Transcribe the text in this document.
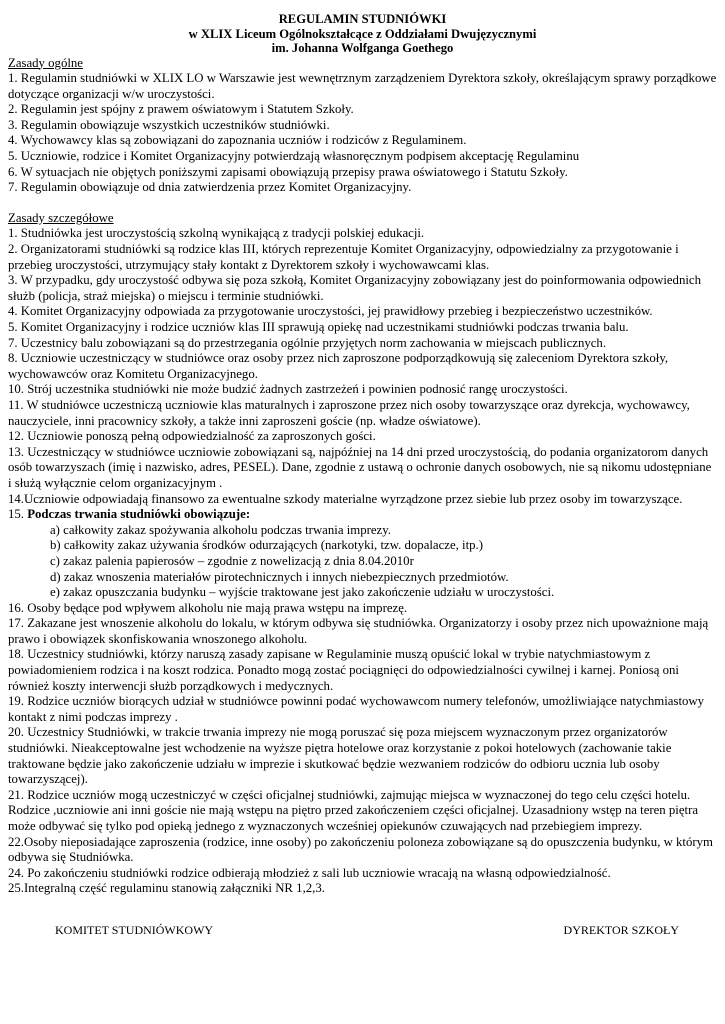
REGULAMIN STUDNIÓWKI
w XLIX Liceum Ogólnokształcące z Oddziałami Dwujęzycznymi
im. Johanna Wolfganga Goethego
Zasady ogólne

1. Regulamin studniówki w XLIX LO w Warszawie jest wewnętrznym zarządzeniem Dyrektora szkoły, określającym sprawy porządkowe dotyczące organizacji w/w uroczystości.

2. Regulamin jest spójny z prawem oświatowym i Statutem Szkoły.

3. Regulamin obowiązuje wszystkich uczestników studniówki.

4. Wychowawcy klas są zobowiązani do zapoznania uczniów i rodziców z Regulaminem.

5. Uczniowie, rodzice i Komitet Organizacyjny potwierdzają własnoręcznym podpisem akceptację Regulaminu

6. W sytuacjach nie objętych poniższymi zapisami obowiązują przepisy prawa oświatowego i Statutu Szkoły.

7. Regulamin obowiązuje od dnia zatwierdzenia przez Komitet Organizacyjny.

Zasady szczegółowe

1. Studniówka jest uroczystością szkolną wynikającą z tradycji polskiej edukacji.

2. Organizatorami studniówki są rodzice klas III, których reprezentuje Komitet Organizacyjny, odpowiedzialny za przygotowanie i przebieg uroczystości, utrzymujący stały kontakt z Dyrektorem szkoły i wychowawcami klas.

3. W przypadku, gdy uroczystość odbywa się poza szkołą, Komitet Organizacyjny zobowiązany jest do poinformowania odpowiednich służb (policja, straż miejska) o miejscu i terminie studniówki.

4. Komitet Organizacyjny odpowiada za przygotowanie uroczystości, jej prawidłowy przebieg i bezpieczeństwo uczestników.

5. Komitet Organizacyjny i rodzice uczniów klas III sprawują opiekę nad uczestnikami studniówki podczas trwania balu.

7. Uczestnicy balu zobowiązani są do przestrzegania ogólnie przyjętych norm zachowania w miejscach publicznych.

8. Uczniowie uczestniczący w studniówce oraz osoby przez nich zaproszone podporządkowują się zaleceniom Dyrektora szkoły, wychowawców oraz Komitetu Organizacyjnego.

10. Strój uczestnika studniówki nie może budzić żadnych zastrzeżeń i powinien podnosić rangę uroczystości.

11. W studniówce uczestniczą uczniowie klas maturalnych i zaproszone przez nich osoby towarzyszące oraz dyrekcja, wychowawcy, nauczyciele, inni pracownicy szkoły, a także inni zaproszeni goście (np. władze oświatowe).

12. Uczniowie ponoszą pełną odpowiedzialność za zaproszonych gości.

13. Uczestniczący w studniówce uczniowie zobowiązani są, najpóźniej na 14 dni przed uroczystością, do podania organizatorom danych osób towarzyszach (imię i nazwisko, adres, PESEL). Dane, zgodnie z ustawą o ochronie danych osobowych, nie są nikomu udostępniane i służą wyłącznie celom organizacyjnym .

14.Uczniowie odpowiadają finansowo za ewentualne szkody materialne wyrządzone przez siebie lub przez osoby im towarzyszące.

15. Podczas trwania studniówki obowiązuje:

a) całkowity zakaz spożywania alkoholu podczas trwania imprezy.
b) całkowity zakaz używania środków odurzających (narkotyki, tzw. dopalacze, itp.)
c) zakaz palenia papierosów – zgodnie z nowelizacją z dnia 8.04.2010r
d) zakaz wnoszenia materiałów pirotechnicznych i innych niebezpiecznych przedmiotów.
e) zakaz opuszczania budynku – wyjście traktowane jest jako zakończenie udziału w uroczystości.

16. Osoby będące pod wpływem alkoholu nie mają prawa wstępu na imprezę.

17. Zakazane jest wnoszenie alkoholu do lokalu, w którym odbywa się studniówka. Organizatorzy i osoby przez nich upoważnione mają prawo i obowiązek skonfiskowania wnoszonego alkoholu.

18. Uczestnicy studniówki, którzy naruszą zasady zapisane w Regulaminie muszą opuścić lokal w trybie natychmiastowym z powiadomieniem rodzica i na koszt rodzica. Ponadto mogą zostać pociągnięci do odpowiedzialności cywilnej i karnej. Poniosą oni również koszty interwencji służb porządkowych i medycznych.

19. Rodzice uczniów biorących udział w studniówce powinni podać wychowawcom numery telefonów, umożliwiające natychmiastowy kontakt z nimi podczas imprezy .

20. Uczestnicy Studniówki, w trakcie trwania imprezy nie mogą poruszać się poza miejscem wyznaczonym przez organizatorów studniówki. Nieakceptowalne jest wchodzenie na wyższe piętra hotelowe oraz korzystanie z pokoi hotelowych (zachowanie takie traktowane będzie jako zakończenie udziału w imprezie i skutkować będzie wezwaniem rodziców do odbioru ucznia lub osoby towarzyszącej).

21. Rodzice uczniów mogą uczestniczyć w części oficjalnej studniówki, zajmując miejsca w wyznaczonej do tego celu części hotelu. Rodzice ,uczniowie ani inni goście nie mają wstępu na piętro przed zakończeniem części oficjalnej. Uzasadniony wstęp na teren piętra może odbywać się tylko pod opieką jednego z wyznaczonych wcześniej opiekunów czuwających nad przebiegiem imprezy.

22.Osoby nieposiadające zaproszenia (rodzice, inne osoby) po zakończeniu poloneza zobowiązane są do opuszczenia budynku, w którym odbywa się Studniówka.

24. Po zakończeniu studniówki rodzice odbierają młodzież z sali lub uczniowie wracają na własną odpowiedzialność.

25.Integralną część regulaminu stanowią załączniki NR 1,2,3.

KOMITET STUDNIÓWKOWY	DYREKTOR SZKOŁY
